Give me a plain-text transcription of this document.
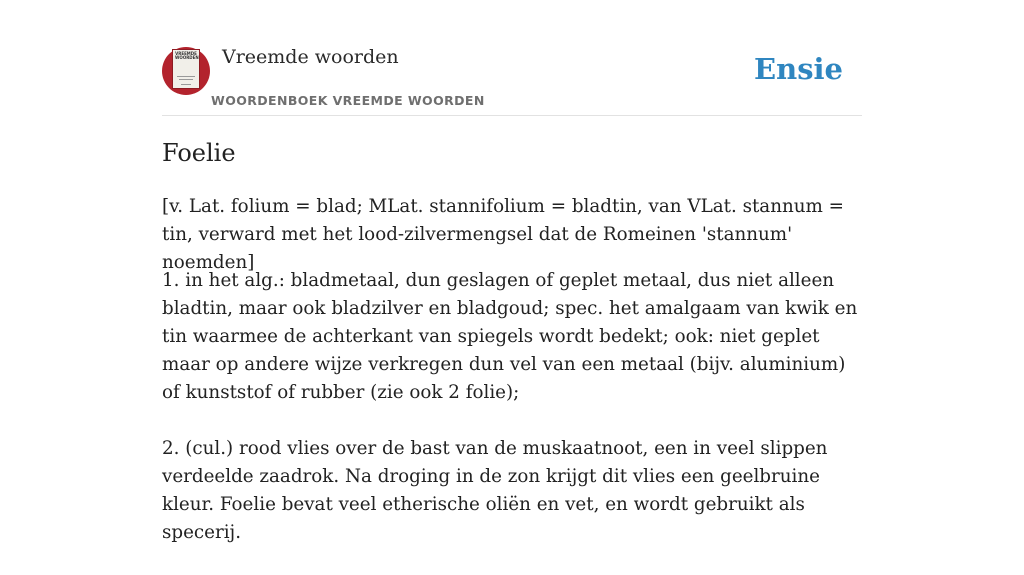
VREEMDE WOORDEN Vreemde woorden
WOORDENBOEK VREEMDE WOORDEN
Ensie
Foelie

[v. Lat. folium = blad; MLat. stannifolium = bladtin, van VLat. stannum = tin, verward met het lood-zilvermengsel dat de Romeinen 'stannum' noemden]

1. in het alg.: bladmetaal, dun geslagen of geplet metaal, dus niet alleen bladtin, maar ook bladzilver en bladgoud; spec. het amalgaam van kwik en tin waarmee de achterkant van spiegels wordt bedekt; ook: niet geplet maar op andere wijze verkregen dun vel van een metaal (bijv. aluminium) of kunststof of rubber (zie ook 2 folie);

2. (cul.) rood vlies over de bast van de muskaatnoot, een in veel slippen verdeelde zaadrok. Na droging in de zon krijgt dit vlies een geelbruine kleur. Foelie bevat veel etherische oliën en vet, en wordt gebruikt als specerij.
